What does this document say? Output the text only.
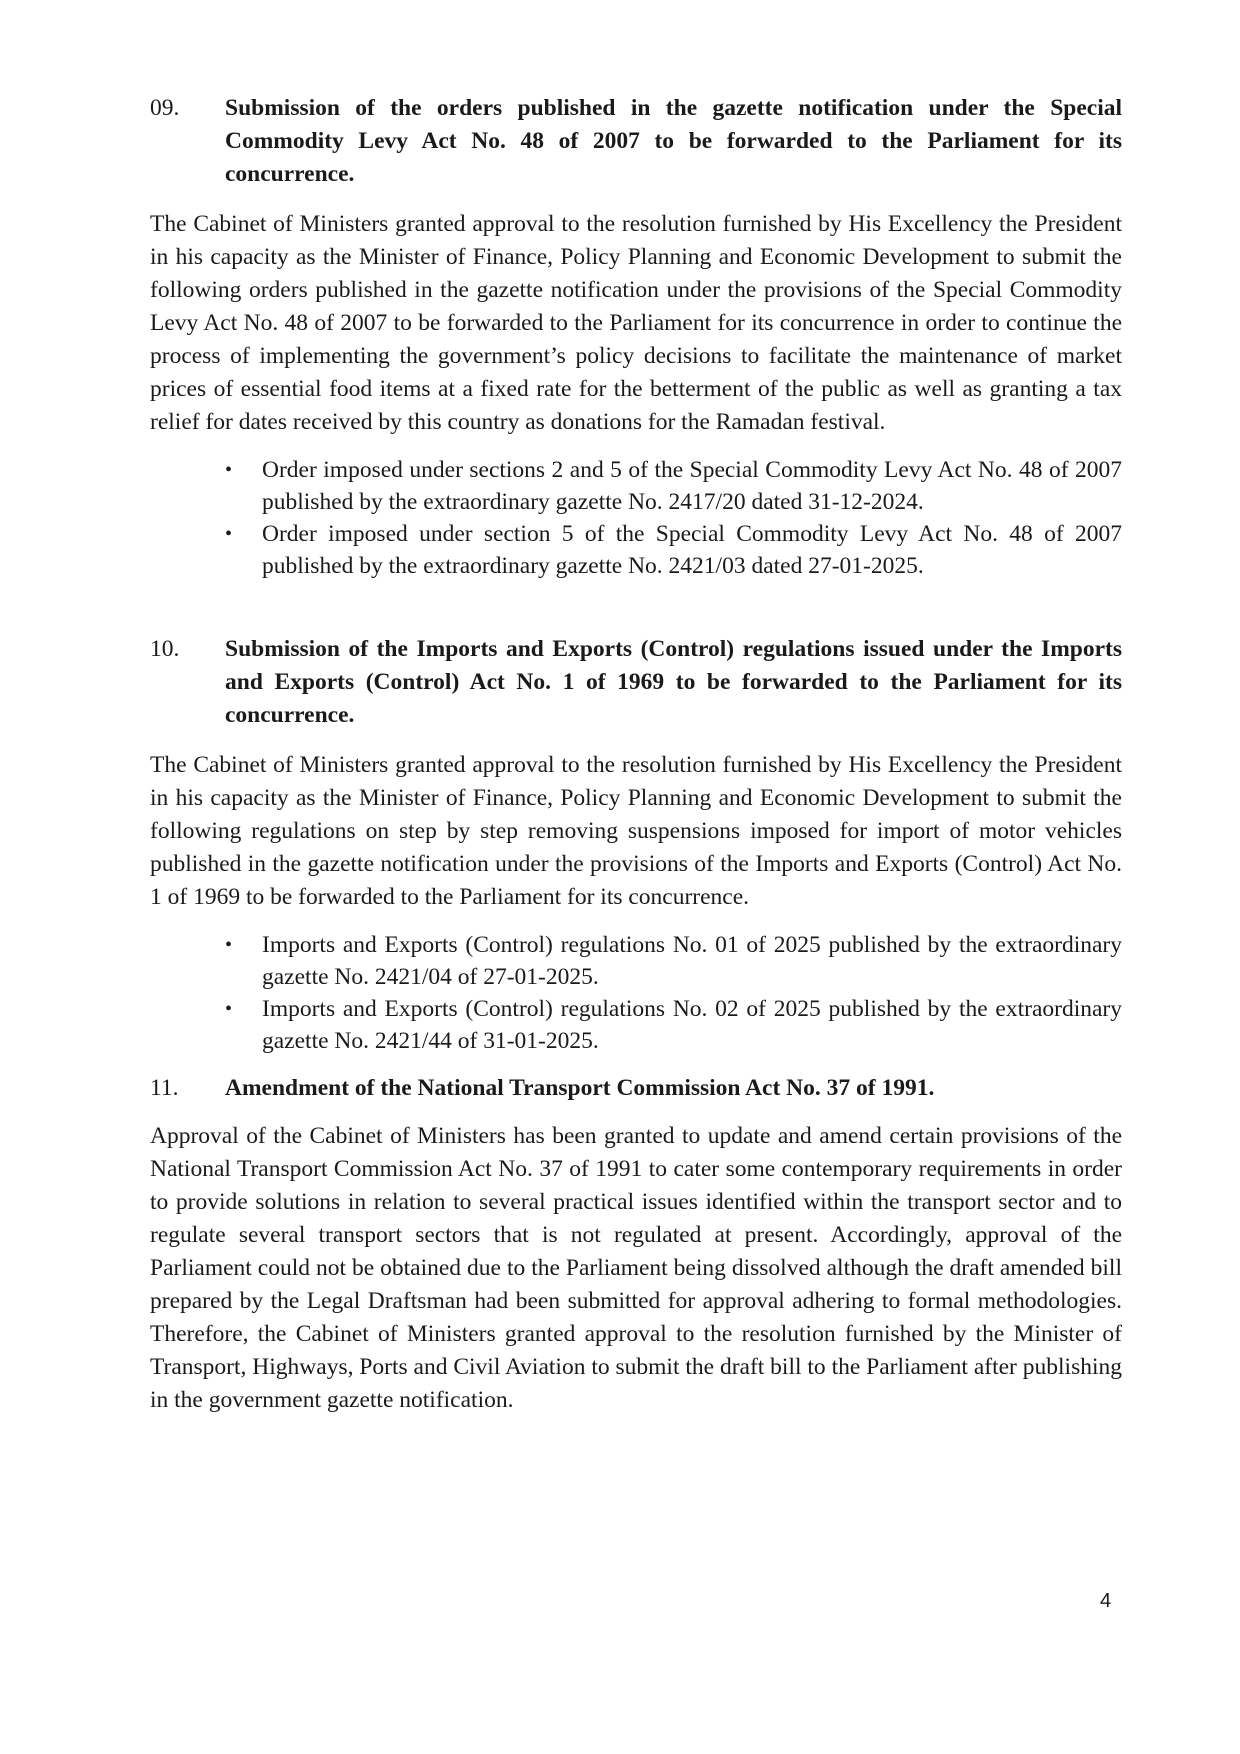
09.	Submission of the orders published in the gazette notification under the Special Commodity Levy Act No. 48 of 2007 to be forwarded to the Parliament for its concurrence.

The Cabinet of Ministers granted approval to the resolution furnished by His Excellency the President in his capacity as the Minister of Finance, Policy Planning and Economic Development to submit the following orders published in the gazette notification under the provisions of the Special Commodity Levy Act No. 48 of 2007 to be forwarded to the Parliament for its concurrence in order to continue the process of implementing the government’s policy decisions to facilitate the maintenance of market prices of essential food items at a fixed rate for the betterment of the public as well as granting a tax relief for dates received by this country as donations for the Ramadan festival.

•	Order imposed under sections 2 and 5 of the Special Commodity Levy Act No. 48 of 2007 published by the extraordinary gazette No. 2417/20 dated 31-12-2024.
•	Order imposed under section 5 of the Special Commodity Levy Act No. 48 of 2007 published by the extraordinary gazette No. 2421/03 dated 27-01-2025.
10.	Submission of the Imports and Exports (Control) regulations issued under the Imports and Exports (Control) Act No. 1 of 1969 to be forwarded to the Parliament for its concurrence.

The Cabinet of Ministers granted approval to the resolution furnished by His Excellency the President in his capacity as the Minister of Finance, Policy Planning and Economic Development to submit the following regulations on step by step removing suspensions imposed for import of motor vehicles published in the gazette notification under the provisions of the Imports and Exports (Control) Act No. 1 of 1969 to be forwarded to the Parliament for its concurrence.

•	Imports and Exports (Control) regulations No. 01 of 2025 published by the extraordinary gazette No. 2421/04 of 27-01-2025.
•	Imports and Exports (Control) regulations No. 02 of 2025 published by the extraordinary gazette No. 2421/44 of 31-01-2025.
11.	Amendment of the National Transport Commission Act No. 37 of 1991.

Approval of the Cabinet of Ministers has been granted to update and amend certain provisions of the National Transport Commission Act No. 37 of 1991 to cater some contemporary requirements in order to provide solutions in relation to several practical issues identified within the transport sector and to regulate several transport sectors that is not regulated at present. Accordingly, approval of the Parliament could not be obtained due to the Parliament being dissolved although the draft amended bill prepared by the Legal Draftsman had been submitted for approval adhering to formal methodologies. Therefore, the Cabinet of Ministers granted approval to the resolution furnished by the Minister of Transport, Highways, Ports and Civil Aviation to submit the draft bill to the Parliament after publishing in the government gazette notification.

4
